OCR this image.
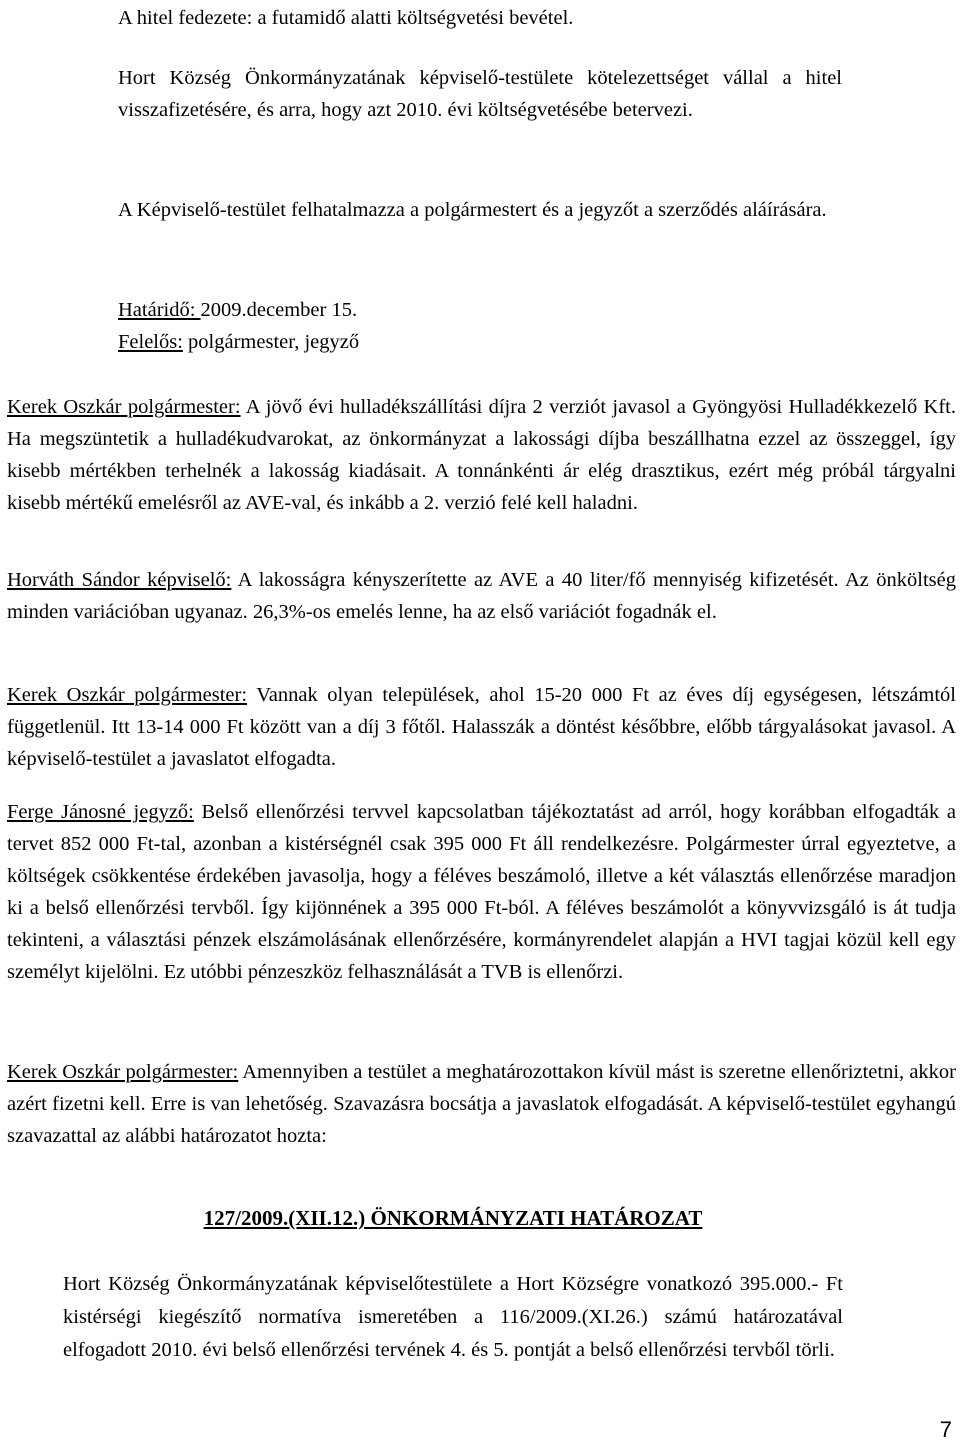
A hitel fedezete: a futamidő alatti költségvetési bevétel.

Hort Község Önkormányzatának képviselő-testülete kötelezettséget vállal a hitel visszafizetésére, és arra, hogy azt 2010. évi költségvetésébe betervezi.

A Képviselő-testület felhatalmazza a polgármestert és a jegyzőt a szerződés aláírására.

Határidő: 2009.december 15.

Felelős: polgármester, jegyző

Kerek Oszkár polgármester: A jövő évi hulladékszállítási díjra 2 verziót javasol a Gyöngyösi Hulladékkezelő Kft. Ha megszüntetik a hulladékudvarokat, az önkormányzat a lakossági díjba beszállhatna ezzel az összeggel, így kisebb mértékben terhelnék a lakosság kiadásait. A tonnánkénti ár elég drasztikus, ezért még próbál tárgyalni kisebb mértékű emelésről az AVE-val, és inkább a 2. verzió felé kell haladni.

Horváth Sándor képviselő: A lakosságra kényszerítette az AVE a 40 liter/fő mennyiség kifizetését. Az önköltség minden variációban ugyanaz. 26,3%-os emelés lenne, ha az első variációt fogadnák el.

Kerek Oszkár polgármester: Vannak olyan települések, ahol 15-20 000 Ft az éves díj egységesen, létszámtól függetlenül. Itt 13-14 000 Ft között van a díj 3 főtől. Halasszák a döntést későbbre, előbb tárgyalásokat javasol. A képviselő-testület a javaslatot elfogadta.

Ferge Jánosné jegyző: Belső ellenőrzési tervvel kapcsolatban tájékoztatást ad arról, hogy korábban elfogadták a tervet 852 000 Ft-tal, azonban a kistérségnél csak 395 000 Ft áll rendelkezésre. Polgármester úrral egyeztetve, a költségek csökkentése érdekében javasolja, hogy a féléves beszámoló, illetve a két választás ellenőrzése maradjon ki a belső ellenőrzési tervből. Így kijönnének a 395 000 Ft-ból. A féléves beszámolót a könyvvizsgáló is át tudja tekinteni, a választási pénzek elszámolásának ellenőrzésére, kormányrendelet alapján a HVI tagjai közül kell egy személyt kijelölni. Ez utóbbi pénzeszköz felhasználását a TVB is ellenőrzi.

Kerek Oszkár polgármester: Amennyiben a testület a meghatározottakon kívül mást is szeretne ellenőriztetni, akkor azért fizetni kell. Erre is van lehetőség. Szavazásra bocsátja a javaslatok elfogadását. A képviselő-testület egyhangú szavazattal az alábbi határozatot hozta:

127/2009.(XII.12.) ÖNKORMÁNYZATI HATÁROZAT

Hort Község Önkormányzatának képviselőtestülete a Hort Községre vonatkozó 395.000.- Ft kistérségi kiegészítő normatíva ismeretében a 116/2009.(XI.26.) számú határozatával elfogadott 2010. évi belső ellenőrzési tervének 4. és 5. pontját a belső ellenőrzési tervből törli.

7
